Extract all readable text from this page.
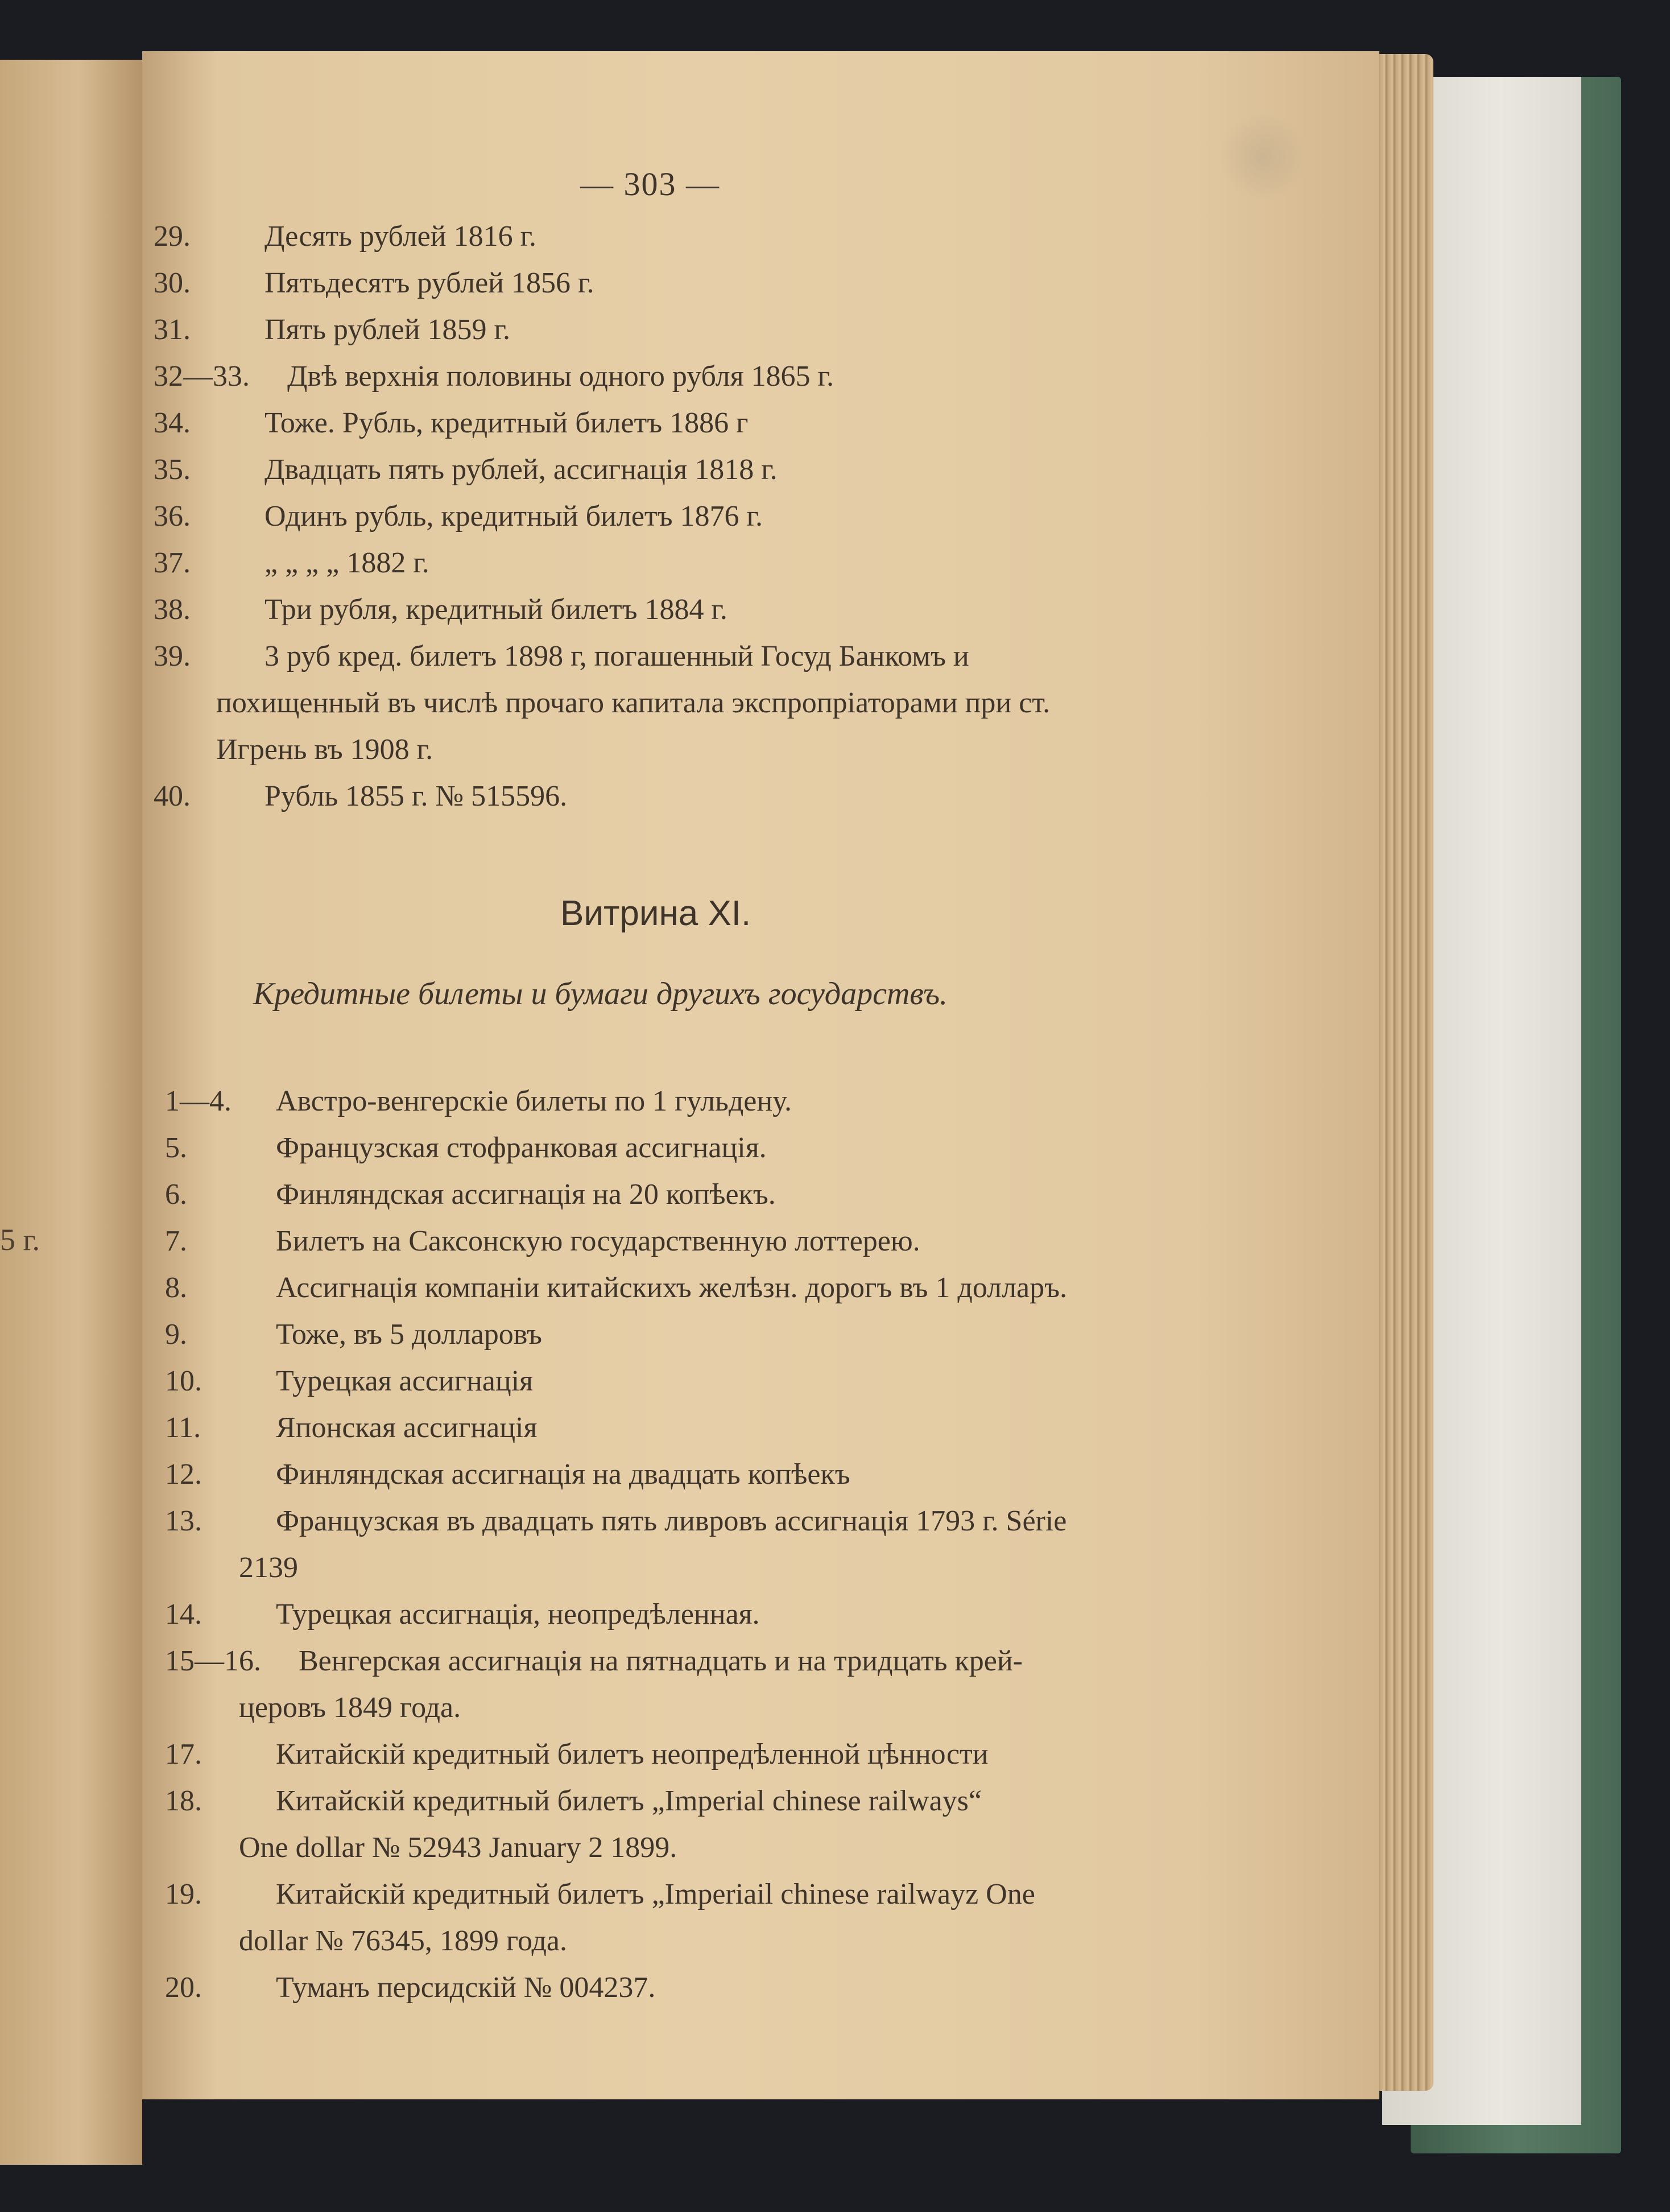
5 г.
— 303 —
29.	Десять рублей 1816 г.
30.	Пятьдесятъ рублей 1856 г.
31.	Пять рублей 1859 г.
32—33. Двѣ верхнія половины одного рубля 1865 г.
34.	Тоже. Рубль, кредитный билетъ 1886 г
35.	Двадцать пять рублей, ассигнація 1818 г.
36.	Одинъ рубль, кредитный билетъ 1876 г.
37.	„ „ „ „ 1882 г.
38.	Три рубля, кредитный билетъ 1884 г.
39.	3 руб кред. билетъ 1898 г, погашенный Госуд Банкомъ и
похищенный въ числѣ прочаго капитала экспропріаторами при ст.
Игрень въ 1908 г.
40.	Рубль 1855 г. № 515596.
Витрина XI.
Кредитные билеты и бумаги другихъ государствъ.
1—4. Австро-венгерскіе билеты по 1 гульдену.
5.	Французская стофранковая ассигнація.
6.	Финляндская ассигнація на 20 копѣекъ.
7.	Билетъ на Саксонскую государственную лоттерею.
8.	Ассигнація компаніи китайскихъ желѣзн. дорогъ въ 1 долларъ.
9.	Тоже, въ 5 долларовъ
10.	Турецкая ассигнація
11.	Японская ассигнація
12.	Финляндская ассигнація на двадцать копѣекъ
13.	Французская въ двадцать пять ливровъ ассигнація 1793 г. Série
2139
14.	Турецкая ассигнація, неопредѣленная.
15—16. Венгерская ассигнація на пятнадцать и на тридцать крей-
церовъ 1849 года.
17.	Китайскій кредитный билетъ неопредѣленной цѣнности
18.	Китайскій кредитный билетъ „Imperial chinese railways“
One dollar № 52943 January 2 1899.
19.	Китайскій кредитный билетъ „Imperiail chinese railwayz One
dollar № 76345, 1899 года.
20.	Туманъ персидскій № 004237.
